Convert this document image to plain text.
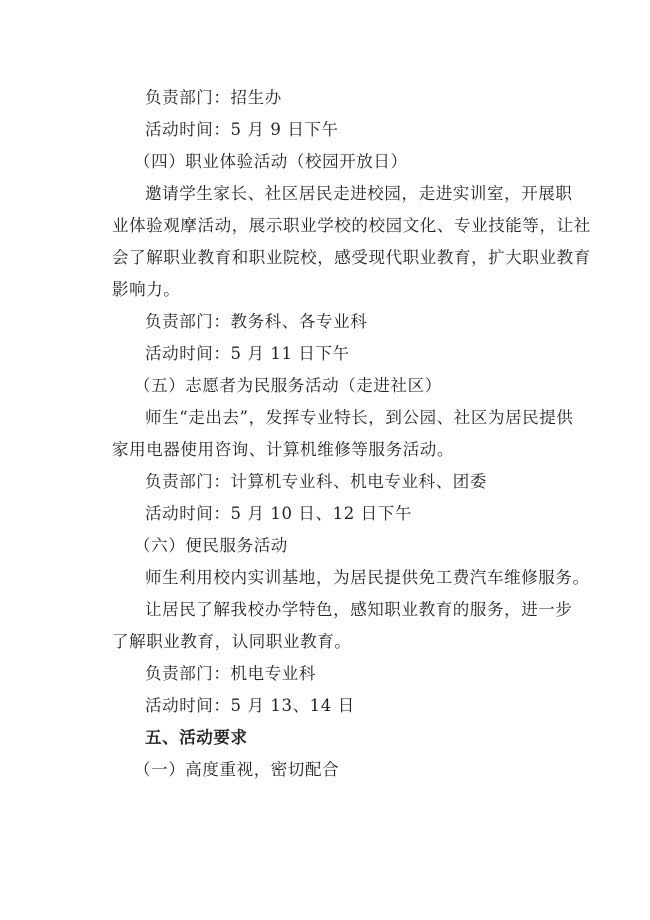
负责部门：招生办
活动时间：5 月 9 日下午
（四）职业体验活动（校园开放日）
邀请学生家长、社区居民走进校园，走进实训室，开展职
业体验观摩活动，展示职业学校的校园文化、专业技能等，让社
会了解职业教育和职业院校，感受现代职业教育，扩大职业教育
影响力。
负责部门：教务科、各专业科
活动时间：5 月 11 日下午
（五）志愿者为民服务活动（走进社区）
师生“走出去”，发挥专业特长，到公园、社区为居民提供
家用电器使用咨询、计算机维修等服务活动。
负责部门：计算机专业科、机电专业科、团委
活动时间：5 月 10 日、12 日下午
（六）便民服务活动
师生利用校内实训基地，为居民提供免工费汽车维修服务。
让居民了解我校办学特色，感知职业教育的服务，进一步
了解职业教育，认同职业教育。
负责部门：机电专业科
活动时间：5 月 13、14 日
五、活动要求
（一）高度重视，密切配合
